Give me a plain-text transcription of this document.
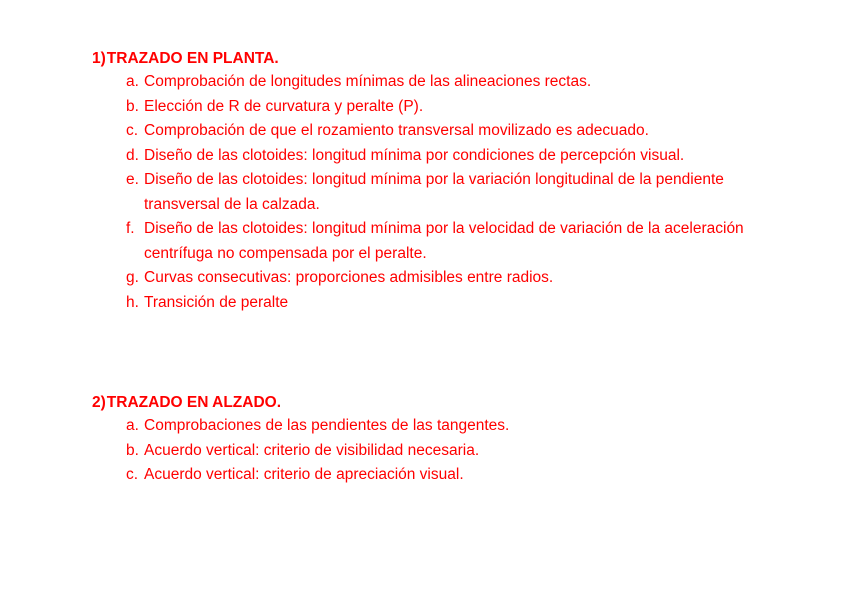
1)TRAZADO EN PLANTA.
a. Comprobación de longitudes mínimas de las alineaciones rectas.
b. Elección de R de curvatura y peralte (P).
c. Comprobación de que el rozamiento transversal movilizado es adecuado.
d. Diseño de las clotoides: longitud mínima por condiciones de percepción visual.
e. Diseño de las clotoides: longitud mínima por la variación longitudinal de la pendiente transversal de la calzada.
f. Diseño de las clotoides: longitud mínima por la velocidad de variación de la aceleración centrífuga no compensada por el peralte.
g. Curvas consecutivas: proporciones admisibles entre radios.
h. Transición de peralte
2)TRAZADO EN ALZADO.
a. Comprobaciones de las pendientes de las tangentes.
b. Acuerdo vertical: criterio de visibilidad necesaria.
c. Acuerdo vertical: criterio de apreciación visual.
